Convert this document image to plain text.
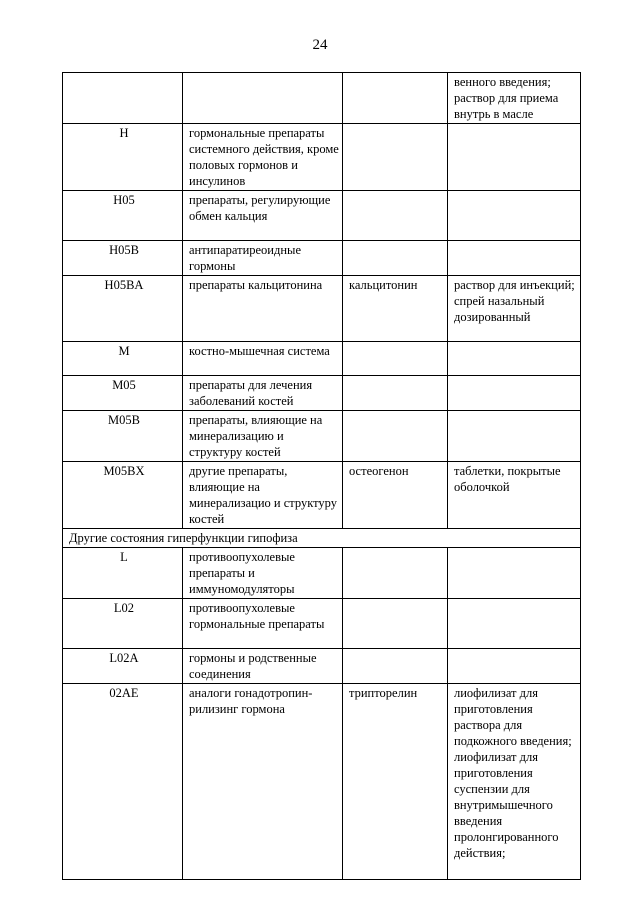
24
			венного введения; раствор для приема внутрь в масле
H	гормональные препараты системного действия, кроме половых гормонов и инсулинов		
H05	препараты, регулирующие обмен кальция		
H05B	антипаратиреоидные гормоны		
H05BA	препараты кальцитонина	кальцитонин	раствор для инъекций; спрей назальный дозированный
M	костно-мышечная система		
M05	препараты для лечения заболеваний костей		
M05B	препараты, влияющие на минерализацию и структуру костей		
M05BX	другие препараты, влияющие на минерализацио и структуру костей	остеогенон	таблетки, покрытые оболочкой
Другие состояния гиперфункции гипофиза			
L	противоопухолевые препараты и иммуномодуляторы		
L02	противоопухолевые гормональные препараты		
L02A	гормоны и родственные соединения		
02AE	аналоги гонадотропин-рилизинг гормона	трипторелин	лиофилизат для приготовления раствора для подкожного введения; лиофилизат для приготовления суспензии для внутримышечного введения пролонгированного действия;
